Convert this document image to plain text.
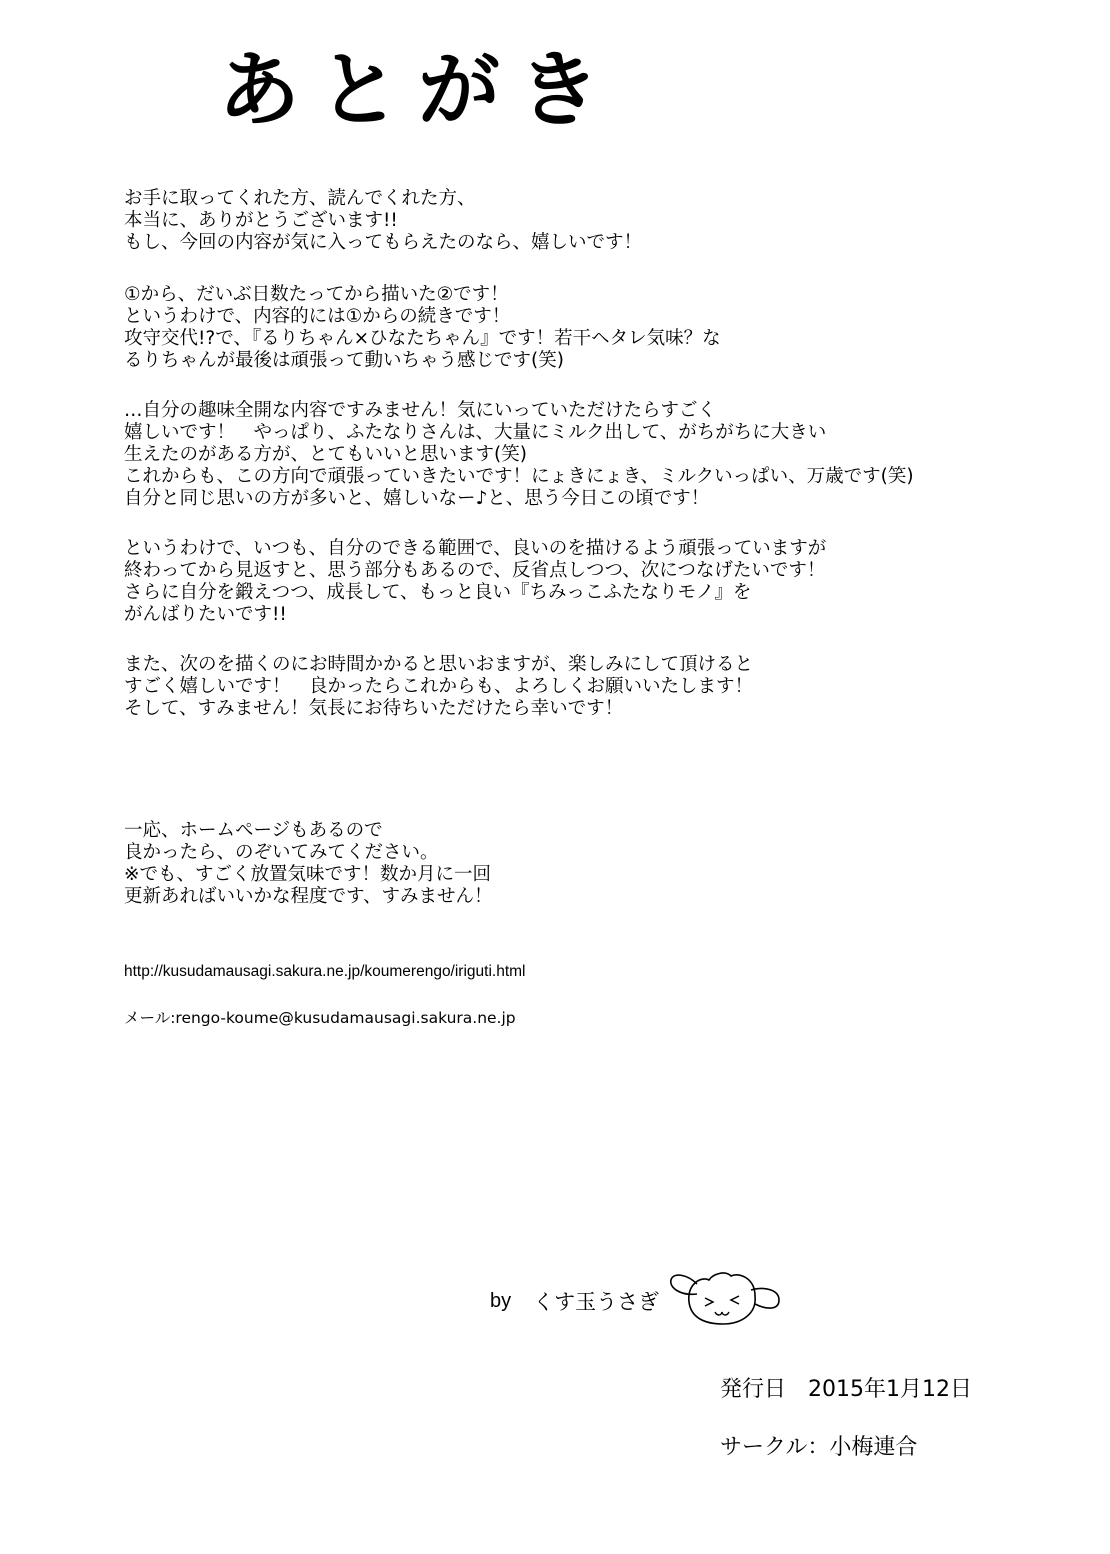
あとがき

お手に取ってくれた方、読んでくれた方、
本当に、ありがとうございます!!
もし、今回の内容が気に入ってもらえたのなら、嬉しいです！

①から、だいぶ日数たってから描いた②です！
というわけで、内容的には①からの続きです！
攻守交代!?で、『るりちゃん×ひなたちゃん』です！若干ヘタレ気味？な
るりちゃんが最後は頑張って動いちゃう感じです(笑)

…自分の趣味全開な内容ですみません！気にいっていただけたらすごく
嬉しいです！　やっぱり、ふたなりさんは、大量にミルク出して、がちがちに大きい
生えたのがある方が、とてもいいと思います(笑)
これからも、この方向で頑張っていきたいです！にょきにょき、ミルクいっぱい、万歳です(笑)
自分と同じ思いの方が多いと、嬉しいなー♪と、思う今日この頃です！

というわけで、いつも、自分のできる範囲で、良いのを描けるよう頑張っていますが
終わってから見返すと、思う部分もあるので、反省点しつつ、次につなげたいです！
さらに自分を鍛えつつ、成長して、もっと良い『ちみっこふたなりモノ』を
がんばりたいです!!

また、次のを描くのにお時間かかると思いおますが、楽しみにして頂けると
すごく嬉しいです！　良かったらこれからも、よろしくお願いいたします！
そして、すみません！気長にお待ちいただけたら幸いです！

一応、ホームページもあるので
良かったら、のぞいてみてください。
※でも、すごく放置気味です！数か月に一回
更新あればいいかな程度です、すみません！

http://kusudamausagi.sakura.ne.jp/koumerengo/iriguti.html
メール:rengo-koume@kusudamausagi.sakura.ne.jp
by くす玉うさぎ
発行日　2015年1月12日
サークル：小梅連合
